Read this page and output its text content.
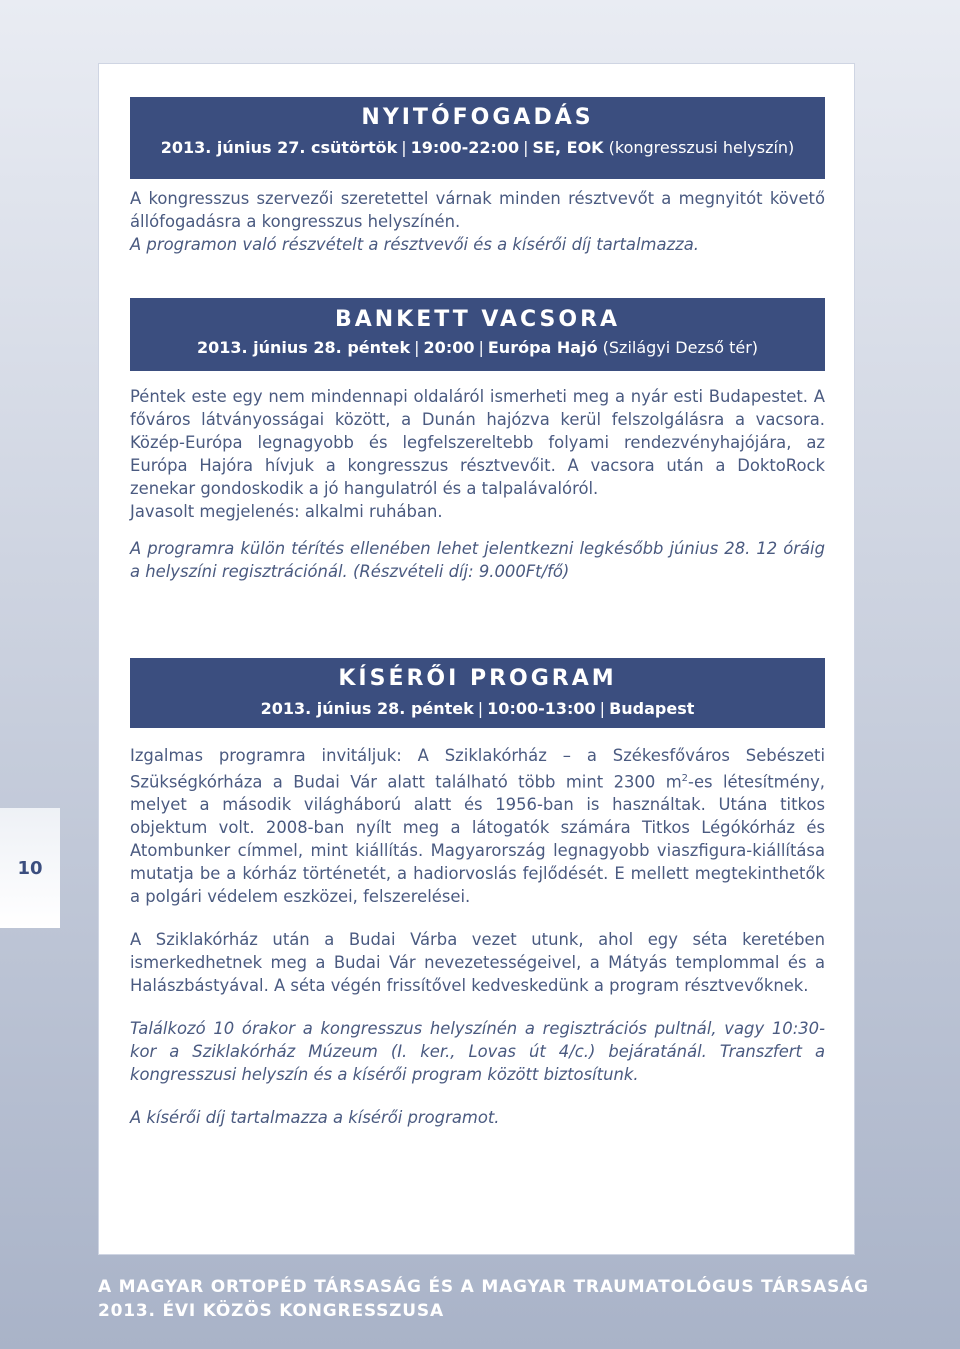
NYITÓFOGADÁS
2013. június 27. csütörtök | 19:00-22:00 | SE, EOK (kongresszusi helyszín)

A kongresszus szervezői szeretettel várnak minden résztvevőt a megnyitót követő állófogadásra a kongresszus helyszínén.

A programon való részvételt a résztvevői és a kísérői díj tartalmazza.

BANKETT VACSORA
2013. június 28. péntek | 20:00 | Európa Hajó (Szilágyi Dezső tér)

Péntek este egy nem mindennapi oldaláról ismerheti meg a nyár esti Budapestet. A főváros látványosságai között, a Dunán hajózva kerül felszolgálásra a vacsora. Közép-Európa legnagyobb és legfelszereltebb folyami rendezvényhajójára, az Európa Hajóra hívjuk a kongresszus résztvevőit. A vacsora után a DoktoRock zenekar gondoskodik a jó hangulatról és a talpalávalóról.

Javasolt megjelenés: alkalmi ruhában.

A programra külön térítés ellenében lehet jelentkezni legkésőbb június 28. 12 óráig a helyszíni regisztrációnál. (Részvételi díj: 9.000Ft/fő)

KÍSÉRŐI PROGRAM
2013. június 28. péntek | 10:00-13:00 | Budapest

Izgalmas programra invitáljuk: A Sziklakórház – a Székesfőváros Sebészeti Szükségkórháza a Budai Vár alatt található több mint 2300 $m^2-es$ létesítmény, melyet a második világháború alatt és 1956-ban is használtak. Utána titkos objektum volt. 2008-ban nyílt meg a látogatók számára Titkos Légókórház és Atombunker címmel, mint kiállítás. Magyarország legnagyobb viaszfigura-kiállítása mutatja be a kórház történetét, a hadiorvoslás fejlődését. E mellett megtekinthetők a polgári védelem eszközei, felszerelései.

A Sziklakórház után a Budai Várba vezet utunk, ahol egy séta keretében ismerkedhetnek meg a Budai Vár nevezetességeivel, a Mátyás templommal és a Halászbástyával. A séta végén frissítővel kedveskedünk a program résztvevőknek.

Találkozó 10 órakor a kongresszus helyszínén a regisztrációs pultnál, vagy 10:30-kor a Sziklakórház Múzeum (I. ker., Lovas út 4/c.) bejáratánál. Transzfert a kongresszusi helyszín és a kísérői program között biztosítunk.

A kísérői díj tartalmazza a kísérői programot.

10
A MAGYAR ORTOPÉD TÁRSASÁG ÉS A MAGYAR TRAUMATOLÓGUS TÁRSASÁG
2013. ÉVI KÖZÖS KONGRESSZUSA
